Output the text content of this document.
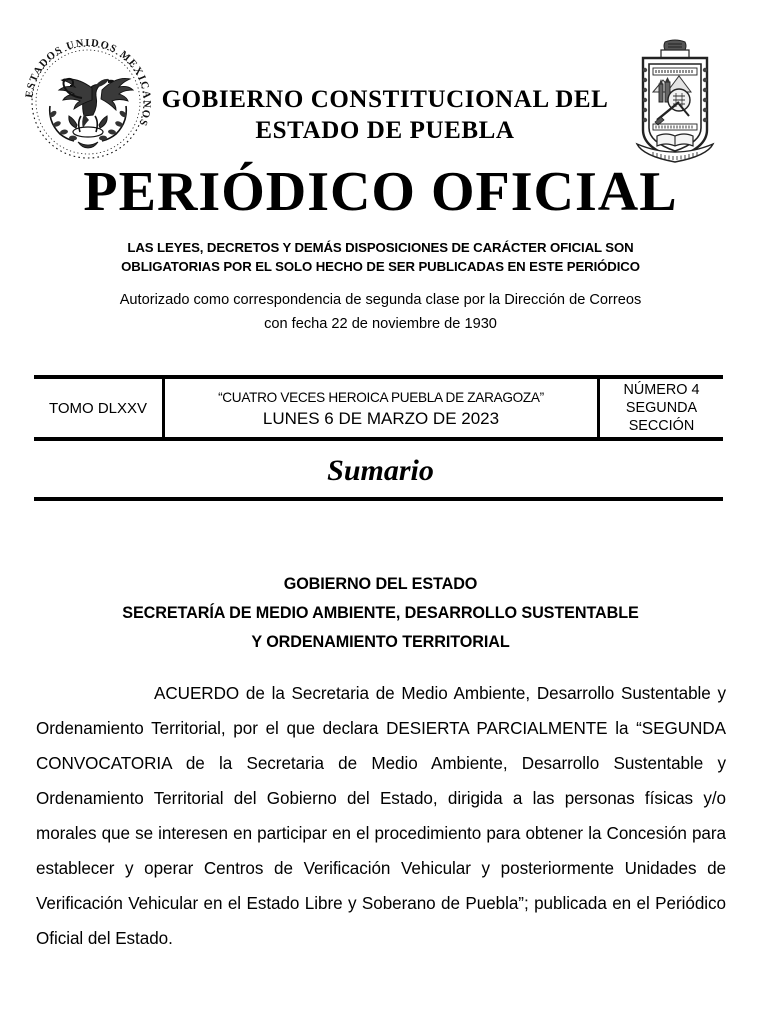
ESTADOS UNIDOS MEXICANOS
GOBIERNO CONSTITUCIONAL DEL
ESTADO DE PUEBLA
PERIÓDICO OFICIAL
LAS LEYES, DECRETOS Y DEMÁS DISPOSICIONES DE CARÁCTER OFICIAL SON
OBLIGATORIAS POR EL SOLO HECHO DE SER PUBLICADAS EN ESTE PERIÓDICO
Autorizado como correspondencia de segunda clase por la Dirección de Correos
con fecha 22 de noviembre de 1930
TOMO DLXXV
“CUATRO VECES HEROICA PUEBLA DE ZARAGOZA”
LUNES 6 DE MARZO DE 2023
NÚMERO 4
SEGUNDA
SECCIÓN
Sumario
GOBIERNO DEL ESTADO
SECRETARÍA DE MEDIO AMBIENTE, DESARROLLO SUSTENTABLE
Y ORDENAMIENTO TERRITORIAL
ACUERDO de la Secretaria de Medio Ambiente, Desarrollo Sustentable y Ordenamiento Territorial, por el que declara DESIERTA PARCIALMENTE la “SEGUNDA CONVOCATORIA de la Secretaria de Medio Ambiente, Desarrollo Sustentable y Ordenamiento Territorial del Gobierno del Estado, dirigida a las personas físicas y/o morales que se interesen en participar en el procedimiento para obtener la Concesión para establecer y operar Centros de Verificación Vehicular y posteriormente Unidades de Verificación Vehicular en el Estado Libre y Soberano de Puebla”; publicada en el Periódico Oficial del Estado.
